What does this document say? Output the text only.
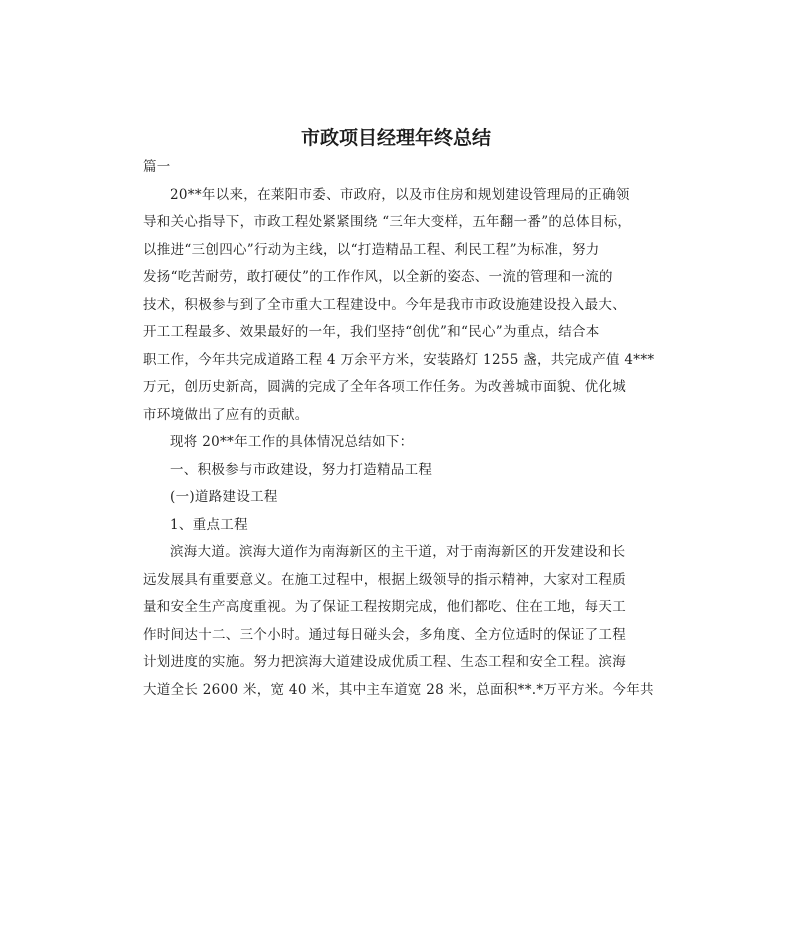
市政项目经理年终总结
篇一
20**年以来，在莱阳市委、市政府，以及市住房和规划建设管理局的正确领
导和关心指导下，市政工程处紧紧围绕 “三年大变样，五年翻一番”的总体目标，
以推进“三创四心”行动为主线，以“打造精品工程、利民工程”为标准，努力
发扬“吃苦耐劳，敢打硬仗”的工作作风，以全新的姿态、一流的管理和一流的
技术，积极参与到了全市重大工程建设中。今年是我市市政设施建设投入最大、
开工工程最多、效果最好的一年，我们坚持“创优”和“民心”为重点，结合本
职工作，今年共完成道路工程 4 万余平方米，安装路灯 1255 盏，共完成产值 4***
万元，创历史新高，圆满的完成了全年各项工作任务。为改善城市面貌、优化城
市环境做出了应有的贡献。
现将 20**年工作的具体情况总结如下：
一、积极参与市政建设，努力打造精品工程
(一)道路建设工程
1、重点工程
滨海大道。滨海大道作为南海新区的主干道，对于南海新区的开发建设和长
远发展具有重要意义。在施工过程中，根据上级领导的指示精神，大家对工程质
量和安全生产高度重视。为了保证工程按期完成，他们都吃、住在工地，每天工
作时间达十二、三个小时。通过每日碰头会，多角度、全方位适时的保证了工程
计划进度的实施。努力把滨海大道建设成优质工程、生态工程和安全工程。滨海
大道全长 2600 米，宽 40 米，其中主车道宽 28 米，总面积**.*万平方米。今年共
